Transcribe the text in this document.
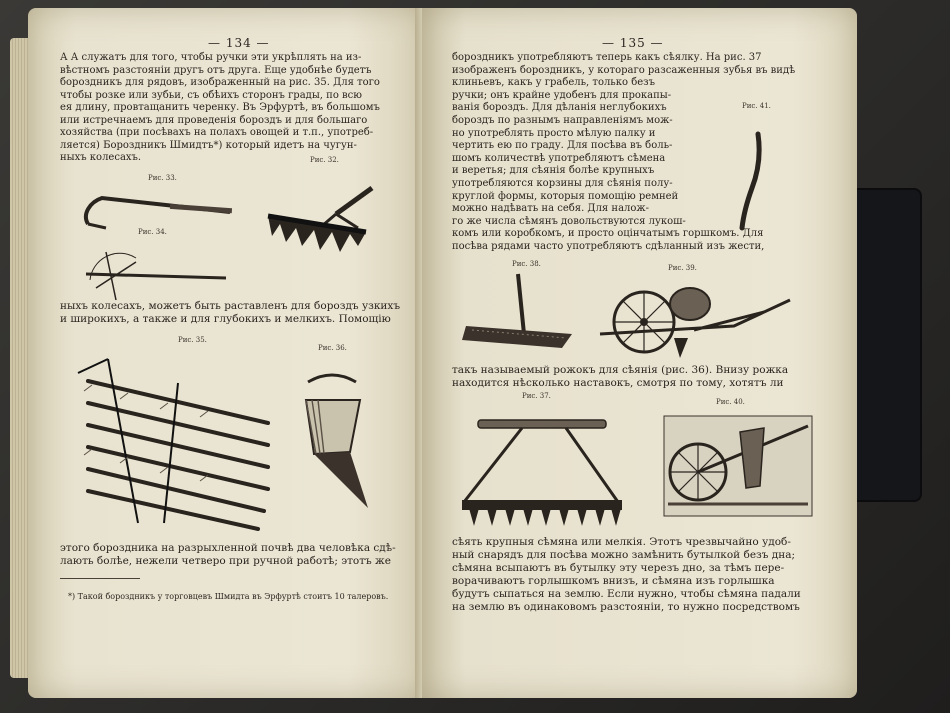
— 134 —
А А служатъ для того, чтобы ручки эти укрѣплять на из-
вѣстномъ разстояніи другъ отъ друга. Еще удобнѣе будетъ
бороздникъ для рядовъ, изображенный на рис. 35. Для того
чтобы розке или зубьи, съ обѣихъ сторонъ грады, по всю
ея длину, провтащанить черенку. Въ Эрфуртѣ, въ большомъ
или истречнаемъ для проведенія бороздъ и для большаго
хозяйства (при посѣвахъ на полахъ овощей и т.п., употреб-
ляется) Бороздникъ Шмидтъ*) который идетъ на чугун-
ныхъ колесахъ.
Рис. 33.
Рис. 32.
Рис. 34.
ныхъ колесахъ, можетъ быть раставленъ для бороздъ узкихъ
и широкихъ, а также и для глубокихъ и мелкихъ. Помощію
Рис. 35.
Рис. 36.
этого бороздника на разрыхленной почвѣ два человѣка сдѣ-
лають болѣе, нежели четверо при ручной работѣ; этотъ же
*) Такой бороздникъ у торговцевъ Шмидта въ Эрфуртѣ стоитъ 10 талеровъ.
— 135 —
бороздникъ употребляютъ теперь какъ сѣялку. На рис. 37
изображенъ бороздникъ, у котораго разсаженныя зубья въ видѣ
клиньевъ, какъ у грабель, только безъ
ручки; онъ крайне удобенъ для прокапы-
ванія бороздъ. Для дѣланія неглубокихъ
бороздъ по разнымъ направленіямъ мож-
но употреблять просто мѣлую палку и
чертить ею по граду. Для посѣва въ боль-
шомъ количествѣ употребляютъ сѣмена
и веретья; для сѣянія болѣе крупныхъ
употребляются корзины для сѣянія полу-
круглой формы, которыя помощію ремней
можно надѣвать на себя. Для налож-
го же числа сѣмянъ довольствуются лукош-
комъ или коробкомъ, и просто оцінчатымъ горшкомъ. Для
посѣва рядами часто употребляютъ сдѣланный изъ жести,
Рис. 41.
Рис. 38.	Рис. 39.
такъ называемый рожокъ для сѣянія (рис. 36). Внизу рожка
находится нѣсколько наставокъ, смотря по тому, хотятъ ли
Рис. 37.
Рис. 40.
сѣять крупныя сѣмяна или мелкія. Этотъ чрезвычайно удоб-
ный снарядъ для посѣва можно замѣнить бутылкой безъ дна;
сѣмяна всыпаютъ въ бутылку эту черезъ дно, за тѣмъ пере-
ворачиваютъ горлышкомъ внизъ, и сѣмяна изъ горлышка
будутъ сыпаться на землю. Если нужно, чтобы сѣмяна падали
на землю въ одинаковомъ разстояніи, то нужно посредствомъ
